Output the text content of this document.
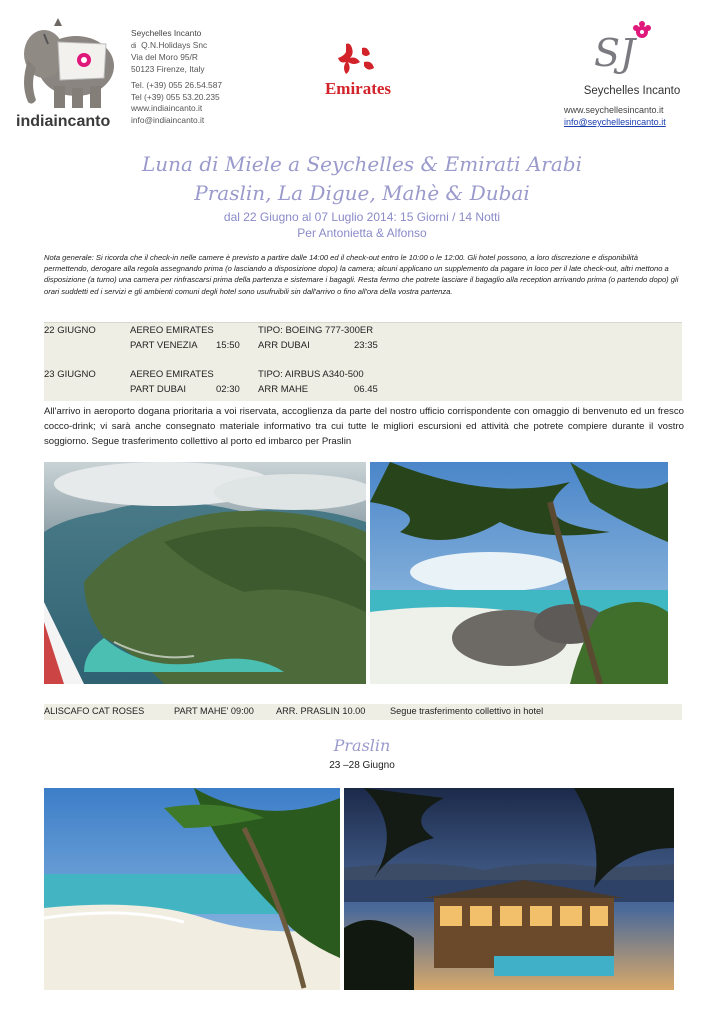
indiaincanto
Seychelles Incanto
di Q.N.Holidays Snc
Via del Moro 95/R
50123 Firenze, Italy
Tel. (+39) 055 26.54.587
Tel (+39) 055 53.20.235
www.indiaincanto.it
info@indiaincanto.it
Emirates
SJ
Seychelles Incanto
www.seychellesincanto.it
info@seychellesincanto.it
Luna di Miele a Seychelles & Emirati Arabi
Praslin, La Digue, Mahè & Dubai
dal 22 Giugno al 07 Luglio 2014: 15 Giorni / 14 Notti
Per Antonietta & Alfonso
Nota generale: Si ricorda che il check-in nelle camere è previsto a partire dalle 14:00 ed il check-out entro le 10:00 o le 12:00. Gli hotel possono, a loro discrezione e disponibilità permettendo, derogare alla regola assegnando prima (o lasciando a disposizione dopo) la camera; alcuni applicano un supplemento da pagare in loco per il late check-out, altri mettono a disposizione (a turno) una camera per rinfrascarsi prima della partenza e sistemare i bagagli. Resta fermo che potrete lasciare il bagaglio alla reception arrivando prima (o partendo dopo) gli orari suddetti ed i servizi e gli ambienti comuni degli hotel sono usufruibili sin dall'arrivo o fino all'ora della vostra partenza.
22 GIUGNO	AEREO EMIRATES	TIPO: BOEING 777-300ER
PART VENEZIA 15:50 ARR DUBAI	23:35
23 GIUGNO	AEREO EMIRATES	TIPO: AIRBUS A340-500
PART DUBAI	02:30 ARR MAHE	06.45
All'arrivo in aeroporto dogana prioritaria a voi riservata, accoglienza da parte del nostro ufficio corrispondente con omaggio di benvenuto ed un fresco cocco-drink; vi sarà anche consegnato materiale informativo tra cui tutte le migliori escursioni ed attività che potrete compiere durante il vostro soggiorno. Segue trasferimento collettivo al porto ed imbarco per Praslin
ALISCAFO CAT ROSES	PART MAHE' 09:00 ARR. PRASLIN 10.00	Segue trasferimento collettivo in hotel
Praslin
23 –28 Giugno
